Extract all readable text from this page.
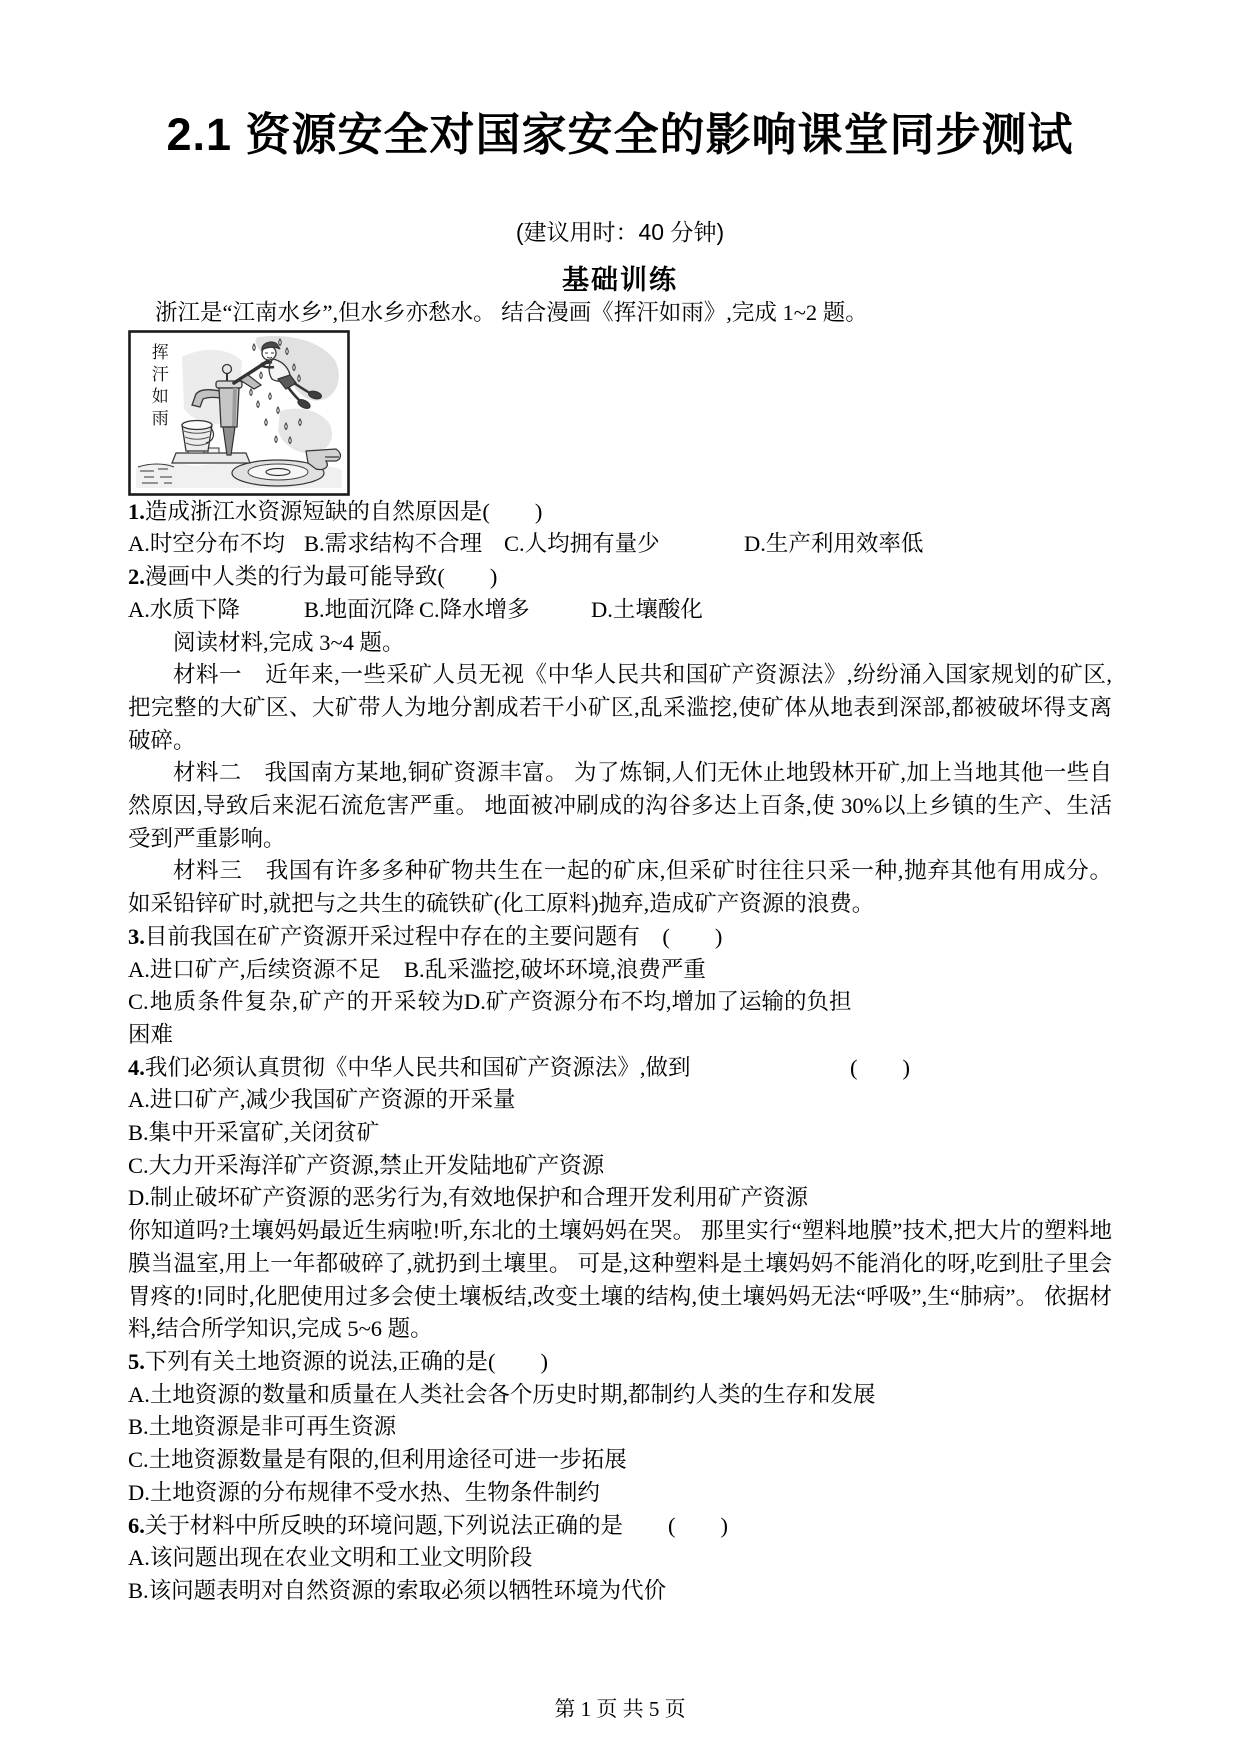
2.1 资源安全对国家安全的影响课堂同步测试
(建议用时：40 分钟)
基础训练

浙江是“江南水乡”,但水乡亦愁水。 结合漫画《挥汗如雨》,完成 1~2 题。

挥汗如雨
1.造成浙江水资源短缺的自然原因是(　　)
A.时空分布不均 B.需求结构不合理 C.人均拥有量少	D.生产利用效率低
2.漫画中人类的行为最可能导致(　　)
A.水质下降	B.地面沉降 C.降水增多	D.土壤酸化

阅读材料,完成 3~4 题。

材料一　近年来,一些采矿人员无视《中华人民共和国矿产资源法》,纷纷涌入国家规划的矿区,把完整的大矿区、大矿带人为地分割成若干小矿区,乱采滥挖,使矿体从地表到深部,都被破坏得支离破碎。

材料二　我国南方某地,铜矿资源丰富。 为了炼铜,人们无休止地毁林开矿,加上当地其他一些自然原因,导致后来泥石流危害严重。 地面被冲刷成的沟谷多达上百条,使 30%以上乡镇的生产、生活受到严重影响。

材料三　我国有许多多种矿物共生在一起的矿床,但采矿时往往只采一种,抛弃其他有用成分。 如采铅锌矿时,就把与之共生的硫铁矿(化工原料)抛弃,造成矿产资源的浪费。

3.目前我国在矿产资源开采过程中存在的主要问题有　(　　)
A.进口矿产,后续资源不足 B.乱采滥挖,破坏环境,浪费严重
C.地质条件复杂,矿产的开采较为困难D.矿产资源分布不均,增加了运输的负担
4.我们必须认真贯彻《中华人民共和国矿产资源法》,做到	(　　)
A.进口矿产,减少我国矿产资源的开采量
B.集中开采富矿,关闭贫矿
C.大力开采海洋矿产资源,禁止开发陆地矿产资源
D.制止破坏矿产资源的恶劣行为,有效地保护和合理开发利用矿产资源

你知道吗?土壤妈妈最近生病啦!听,东北的土壤妈妈在哭。 那里实行“塑料地膜”技术,把大片的塑料地膜当温室,用上一年都破碎了,就扔到土壤里。 可是,这种塑料是土壤妈妈不能消化的呀,吃到肚子里会胃疼的!同时,化肥使用过多会使土壤板结,改变土壤的结构,使土壤妈妈无法“呼吸”,生“肺病”。 依据材料,结合所学知识,完成 5~6 题。

5.下列有关土地资源的说法,正确的是(　　)
A.土地资源的数量和质量在人类社会各个历史时期,都制约人类的生存和发展
B.土地资源是非可再生资源
C.土地资源数量是有限的,但利用途径可进一步拓展
D.土地资源的分布规律不受水热、生物条件制约
6.关于材料中所反映的环境问题,下列说法正确的是　　(　　)
A.该问题出现在农业文明和工业文明阶段
B.该问题表明对自然资源的索取必须以牺牲环境为代价
第 1 页 共 5 页
